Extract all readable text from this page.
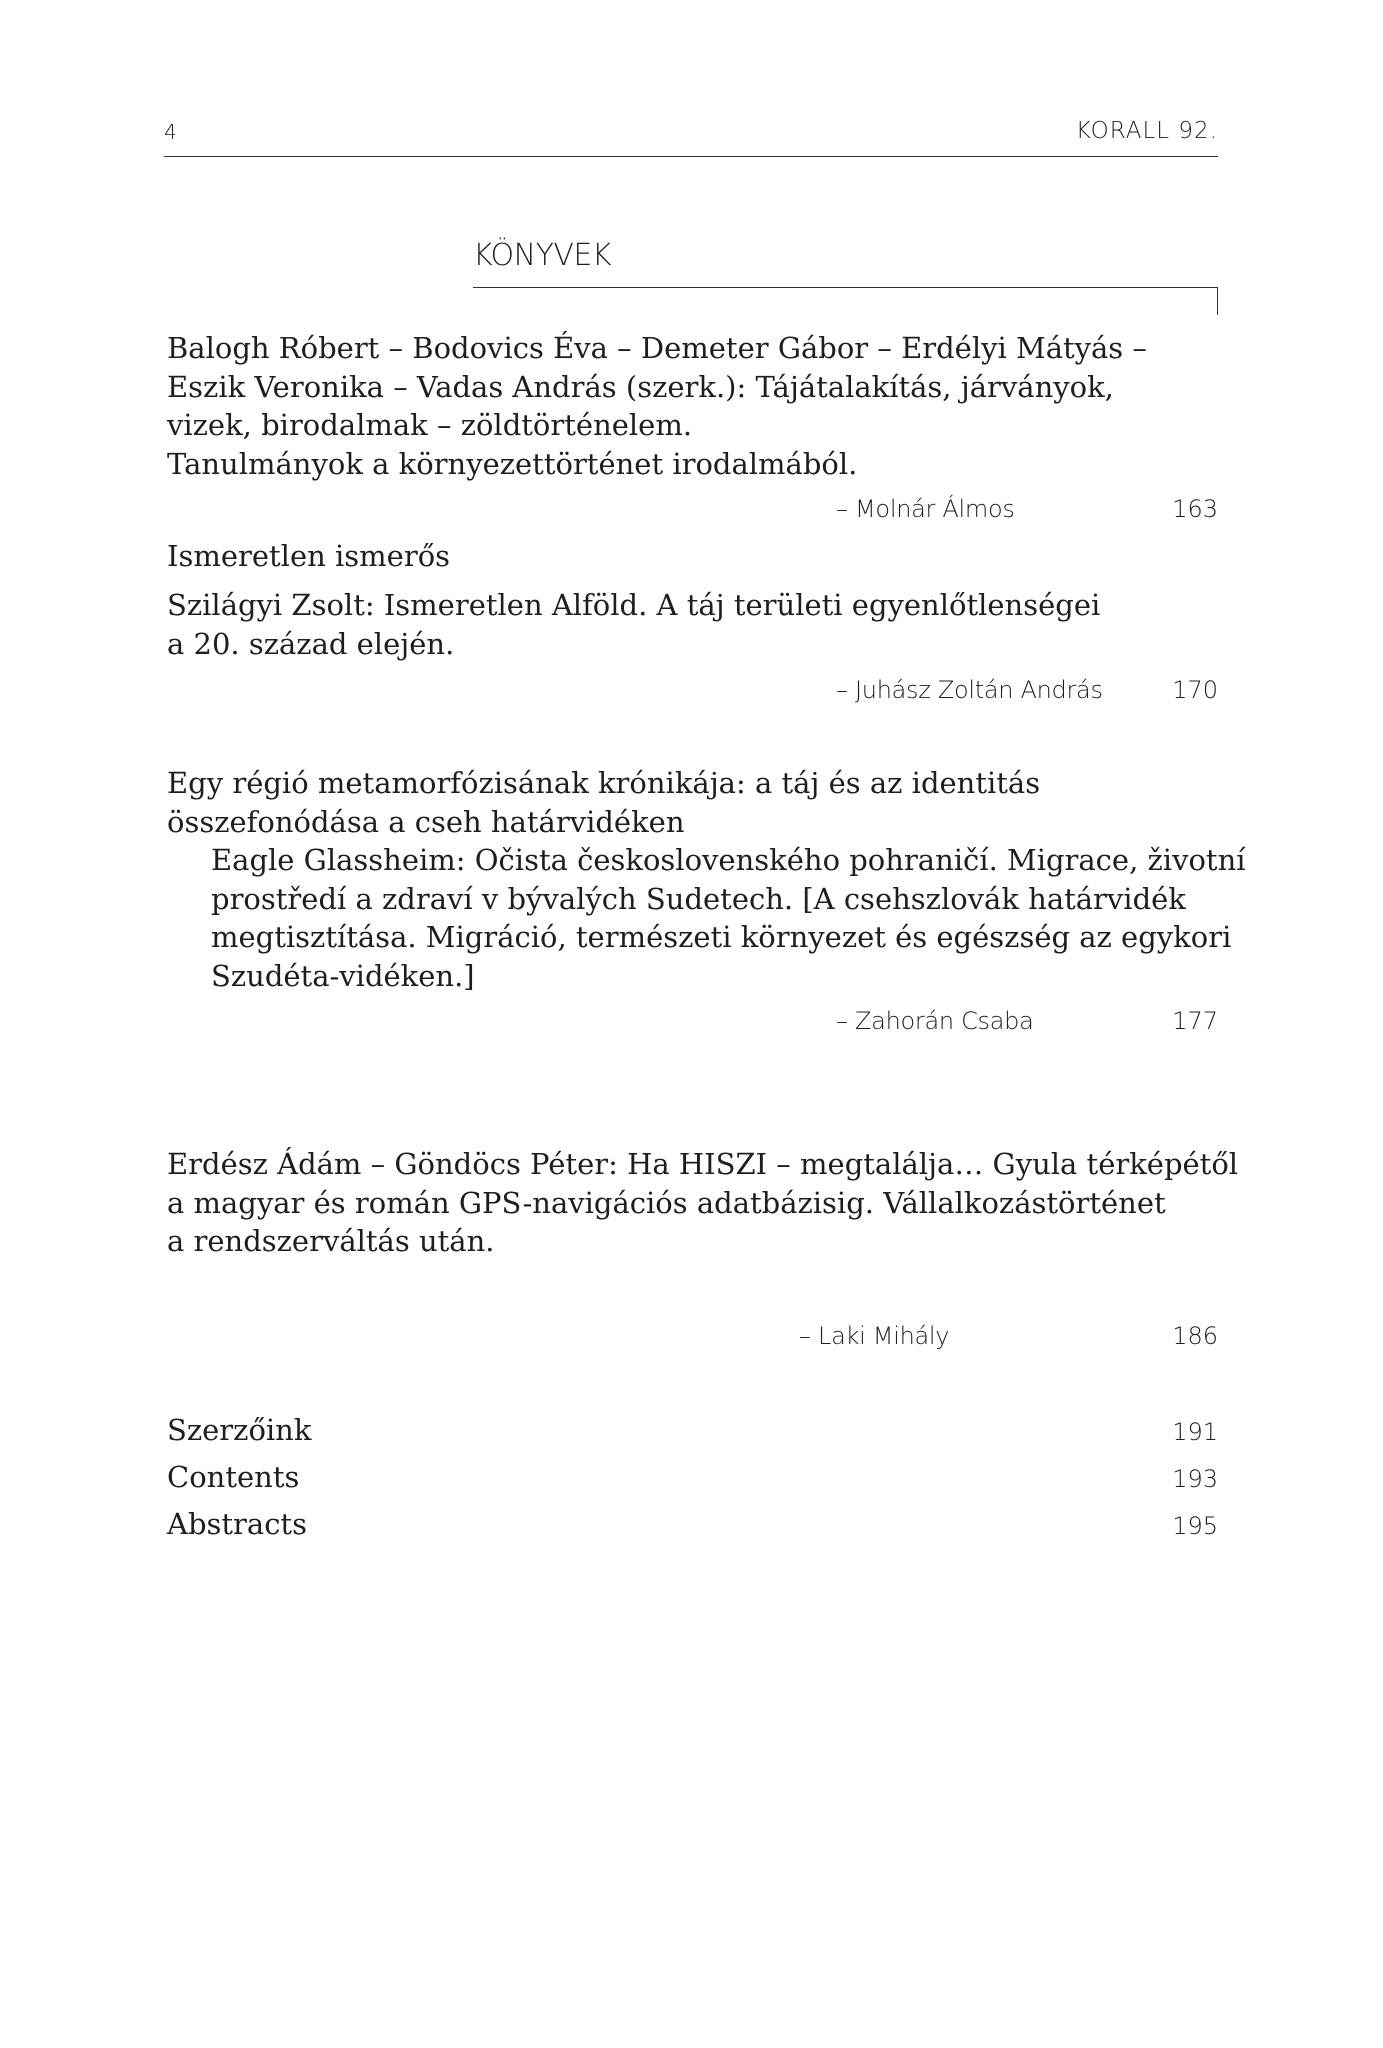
4	KORALL 92.
KÖNYVEK
Balogh Róbert – Bodovics Éva – Demeter Gábor – Erdélyi Mátyás –
Eszik Veronika – Vadas András (szerk.): Tájátalakítás, járványok,
vizek, birodalmak – zöldtörténelem.
Tanulmányok a környezettörténet irodalmából.
– Molnár Álmos	163
Ismeretlen ismerős
Szilágyi Zsolt: Ismeretlen Alföld. A táj területi egyenlőtlenségei
a 20. század elején.
– Juhász Zoltán András	170
Egy régió metamorfózisának krónikája: a táj és az identitás
összefonódása a cseh határvidéken
Eagle Glassheim: Očista československého pohraničí. Migrace, životní
prostředí a zdraví v bývalých Sudetech. [A csehszlovák határvidék
megtisztítása. Migráció, természeti környezet és egészség az egykori
Szudéta-vidéken.]
– Zahorán Csaba	177
Erdész Ádám – Göndöcs Péter: Ha HISZI – megtalálja… Gyula térképétől
a magyar és román GPS-navigációs adatbázisig. Vállalkozástörténet
a rendszerváltás után.
– Laki Mihály	186
Szerzőink	191
Contents	193
Abstracts	195
